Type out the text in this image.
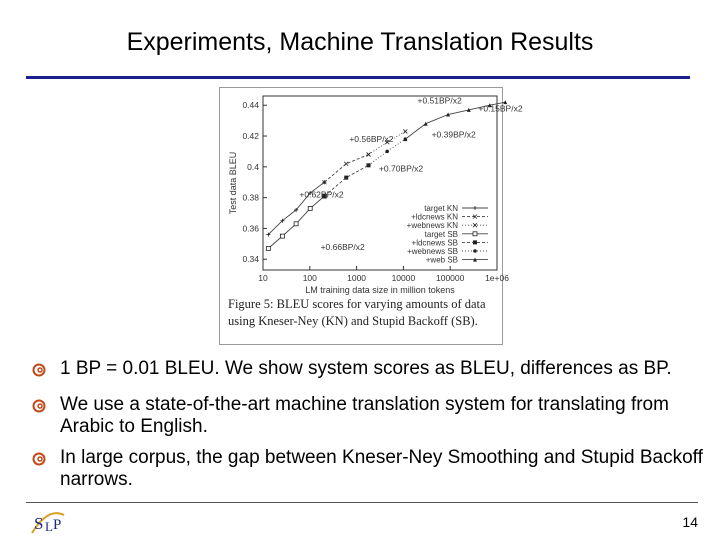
Experiments, Machine Translation Results
0.34
0.36
0.38
0.4
0.42
0.44
10	100	1000	10000 100000 1e+06
LM training data size in million tokens
Test data BLEU	target KN
+ldcnews KN
+webnews KN
target SB
+ldcnews SB
+webnews SB
+web SB
+0.51BP/x2
+0.15BP/x2
+0.39BP/x2
+0.56BP/x2
+0.70BP/x2
+0.62BP/x2
+0.66BP/x2
Figure 5: BLEU scores for varying amounts of data using Kneser-Ney (KN) and Stupid Backoff (SB).
1 BP = 0.01 BLEU. We show system scores as BLEU, differences as BP.
We use a state-of-the-art machine translation system for translating from Arabic to English.
In large corpus, the gap between Kneser-Ney Smoothing and Stupid Backoff narrows.
S L P	14
